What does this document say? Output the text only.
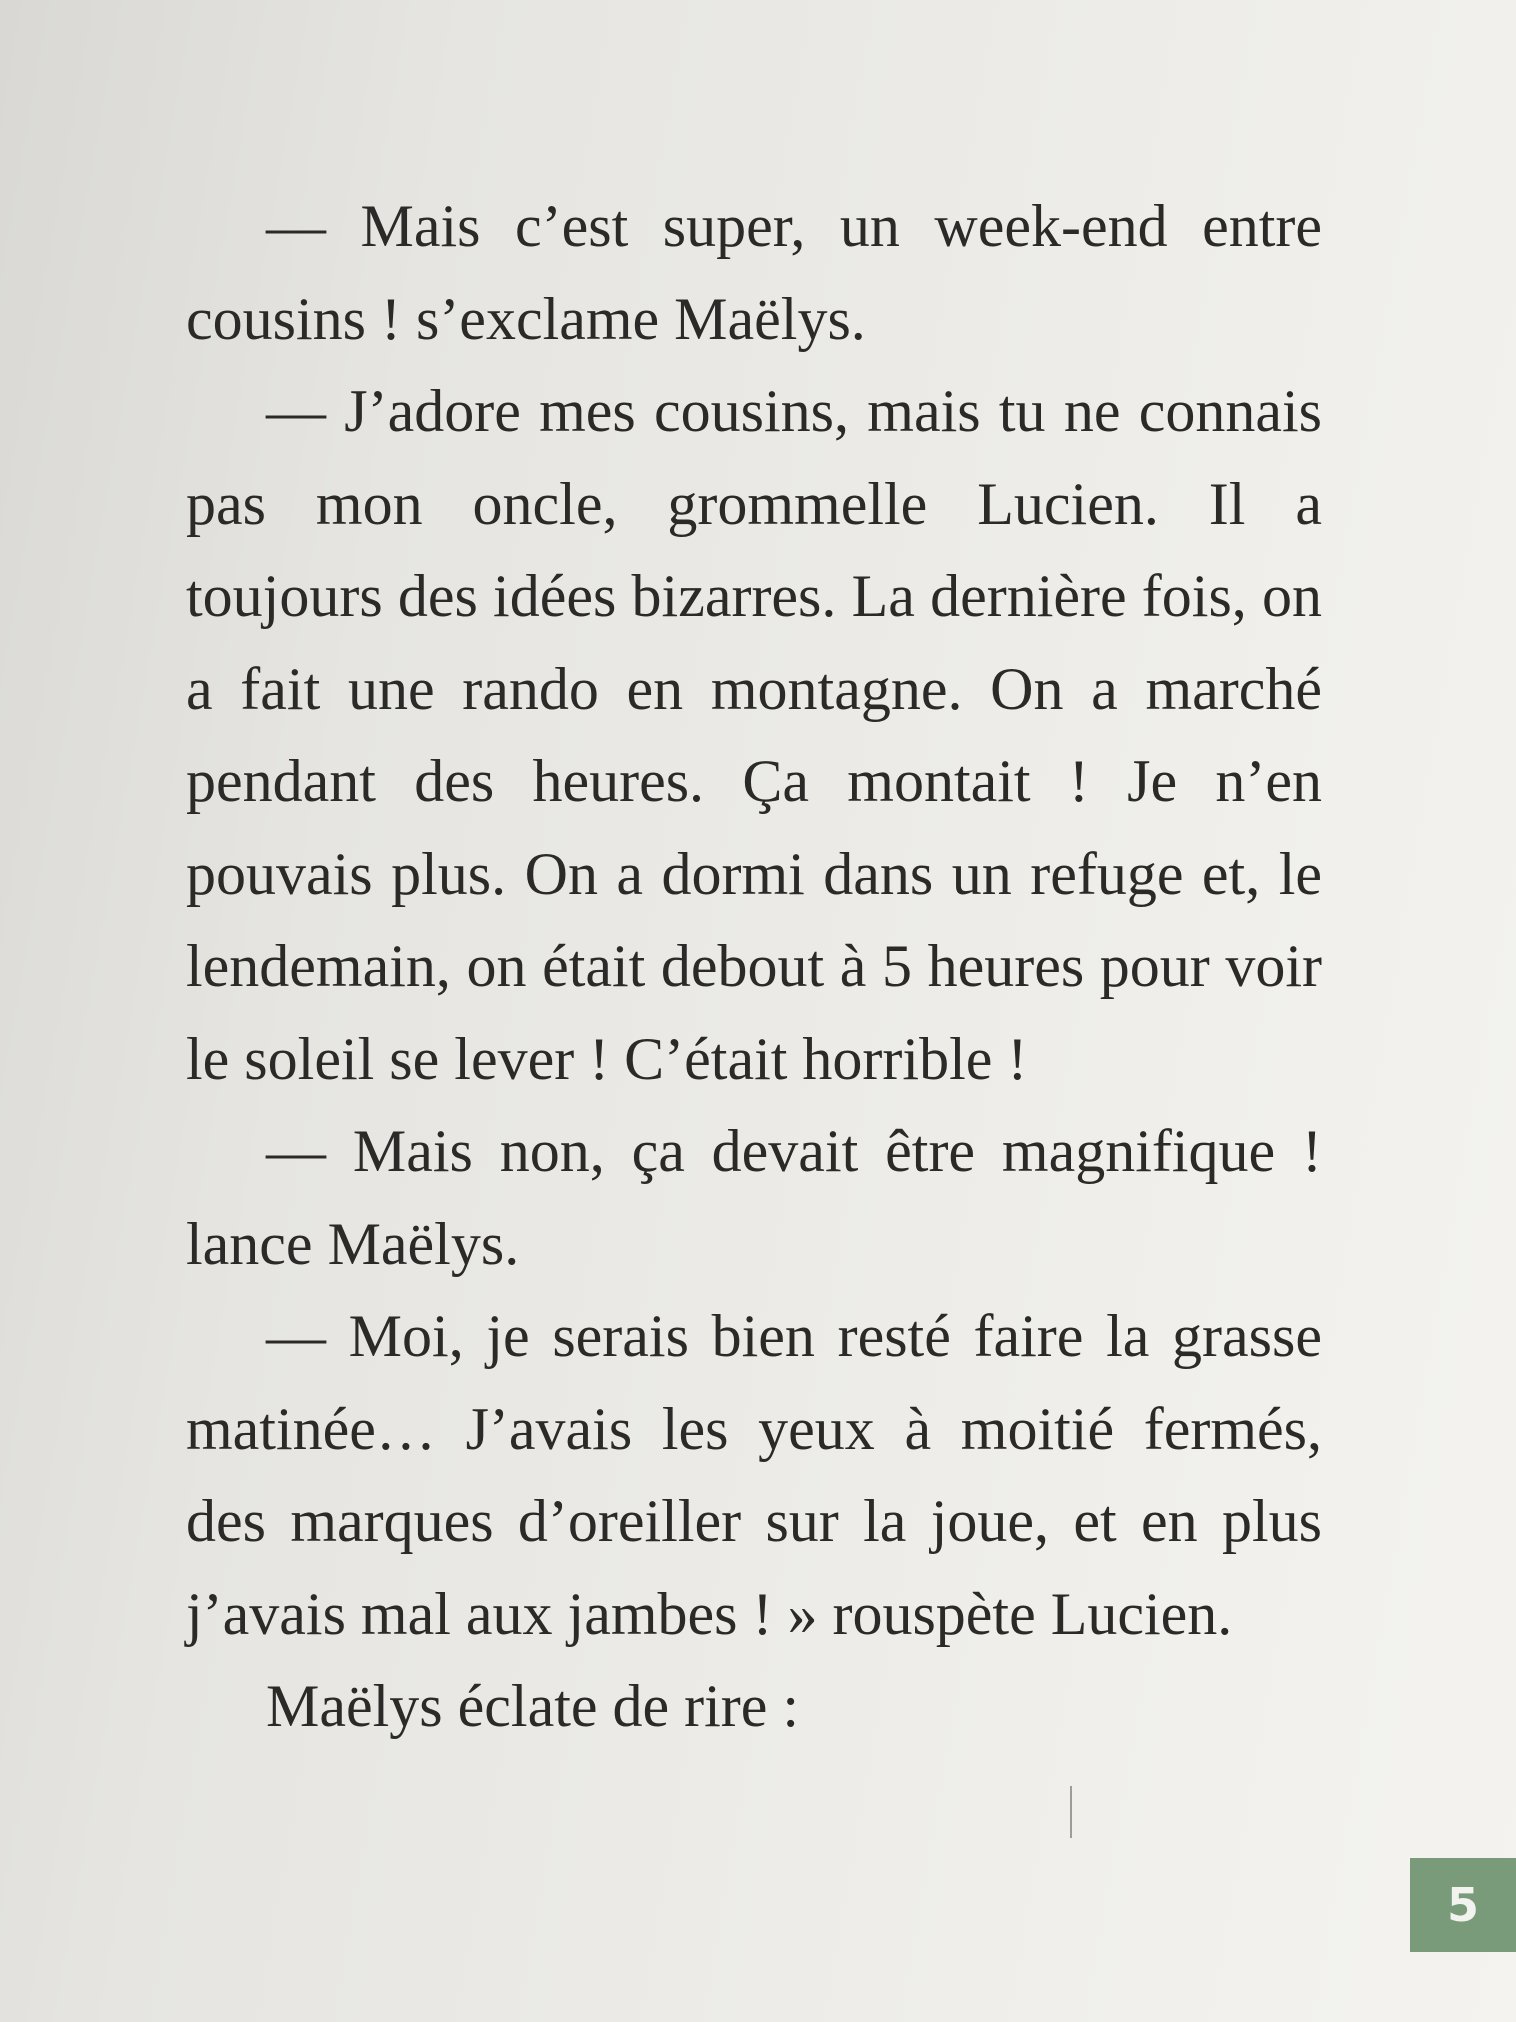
— Mais c’est super, un week-end entre cousins ! s’exclame Maëlys.

— J’adore mes cousins, mais tu ne connais pas mon oncle, grommelle Lucien. Il a toujours des idées bizarres. La dernière fois, on a fait une rando en montagne. On a marché pendant des heures. Ça montait ! Je n’en pouvais plus. On a dormi dans un refuge et, le lendemain, on était debout à 5 heures pour voir le soleil se lever ! C’était horrible !

— Mais non, ça devait être magnifique ! lance Maëlys.

— Moi, je serais bien resté faire la grasse matinée… J’avais les yeux à moitié fermés, des marques d’oreiller sur la joue, et en plus j’avais mal aux jambes ! » rouspète Lucien.

Maëlys éclate de rire :

5
